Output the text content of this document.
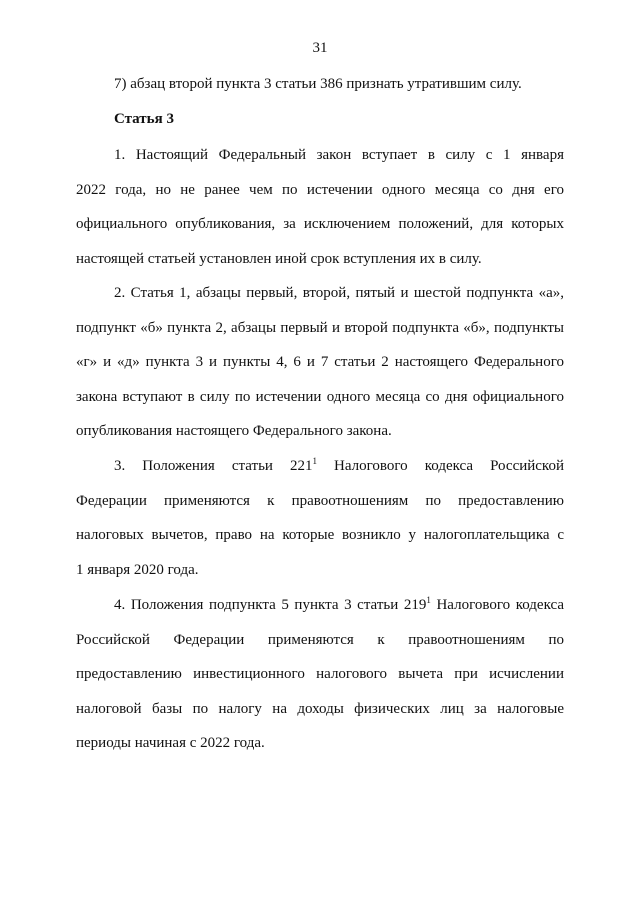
31
7) абзац второй пункта 3 статьи 386 признать утратившим силу.
Статья 3
1. Настоящий Федеральный закон вступает в силу с 1 января
2022 года, но не ранее чем по истечении одного месяца со дня его
официального опубликования, за исключением положений, для которых
настоящей статьей установлен иной срок вступления их в силу.
2. Статья 1, абзацы первый, второй, пятый и шестой подпункта «а»,
подпункт «б» пункта 2, абзацы первый и второй подпункта «б», подпункты
«г» и «д» пункта 3 и пункты 4, 6 и 7 статьи 2 настоящего Федерального
закона вступают в силу по истечении одного месяца со дня официального
опубликования настоящего Федерального закона.
3. Положения статьи $221^1$ Налогового кодекса Российской
Федерации применяются к правоотношениям по предоставлению
налоговых вычетов, право на которые возникло у налогоплательщика с
1 января 2020 года.
4. Положения подпункта 5 пункта 3 статьи $219^1$ Налогового кодекса
Российской Федерации применяются к правоотношениям по
предоставлению инвестиционного налогового вычета при исчислении
налоговой базы по налогу на доходы физических лиц за налоговые
периоды начиная с 2022 года.
